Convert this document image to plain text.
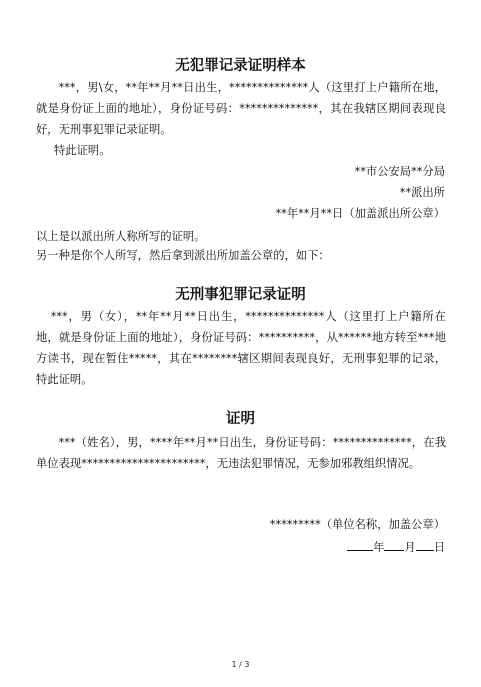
无犯罪记录证明样本

***，男\女，**年**月**日出生，**************人（这里打上户籍所在地，就是身份证上面的地址），身份证号码：**************，其在我辖区期间表现良好，无刑事犯罪记录证明。

特此证明。

**市公安局**分局

**派出所

**年**月**日（加盖派出所公章）

以上是以派出所人称所写的证明。

另一种是你个人所写，然后拿到派出所加盖公章的，如下：

无刑事犯罪记录证明

***，男（女），**年**月**日出生，**************人（这里打上户籍所在地，就是身份证上面的地址），身份证号码：**********，从******地方转至***地方读书，现在暂住*****，其在********辖区期间表现良好，无刑事犯罪的记录，特此证明。

证明

***（姓名），男，****年**月**日出生，身份证号码：**************，在我单位表现**********************，无违法犯罪情况，无参加邪教组织情况。

*********（单位名称，加盖公章）

年 月 日

1 / 3
